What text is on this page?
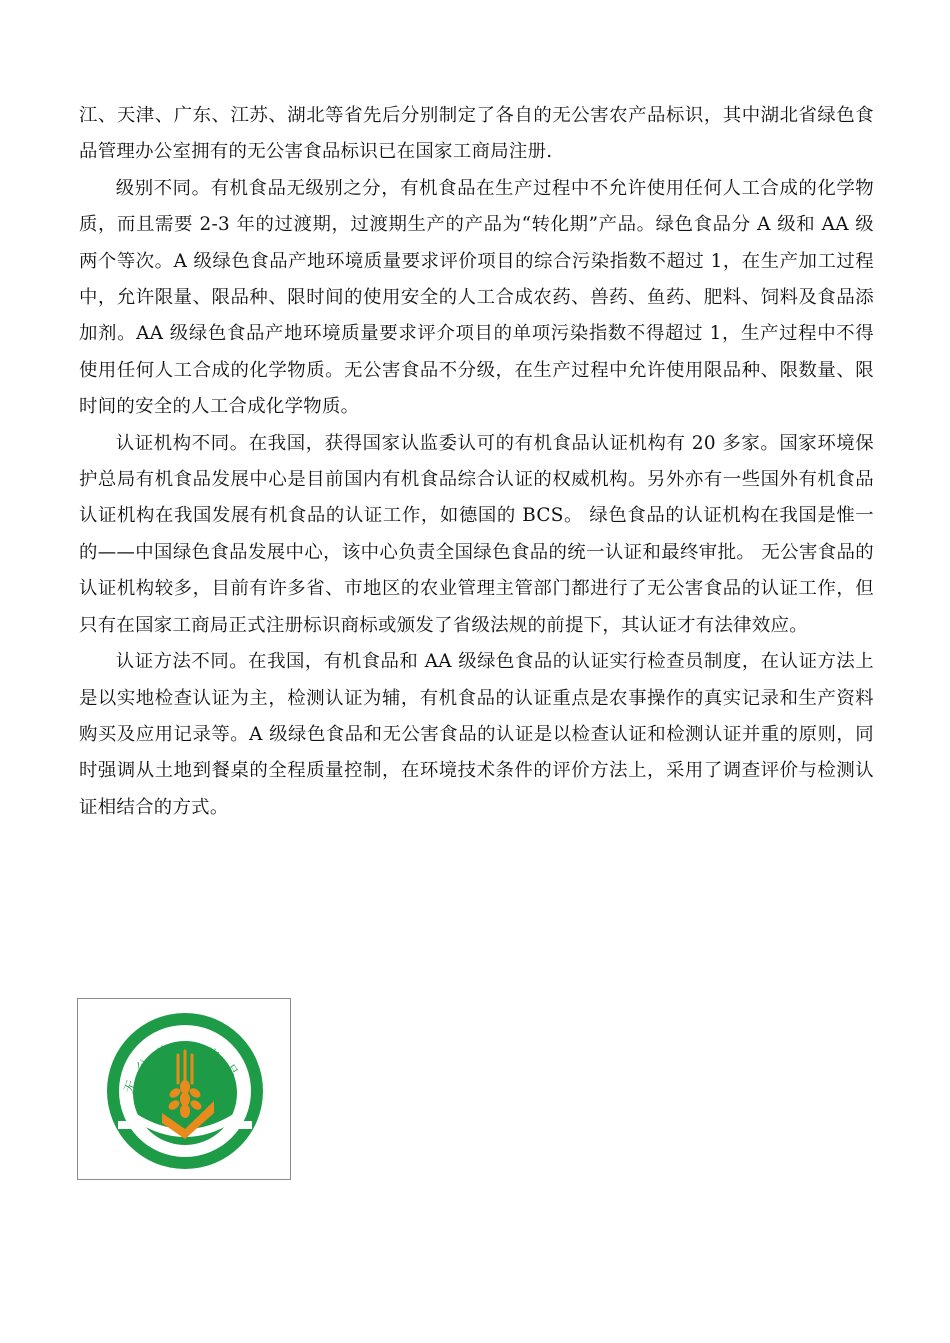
江、天津、广东、江苏、湖北等省先后分别制定了各自的无公害农产品标识，其中湖北省绿色食品管理办公室拥有的无公害食品标识已在国家工商局注册.

级别不同。有机食品无级别之分，有机食品在生产过程中不允许使用任何人工合成的化学物质，而且需要 2-3 年的过渡期，过渡期生产的产品为“转化期”产品。绿色食品分 A 级和 AA 级两个等次。A 级绿色食品产地环境质量要求评价项目的综合污染指数不超过 1，在生产加工过程中，允许限量、限品种、限时间的使用安全的人工合成农药、兽药、鱼药、肥料、饲料及食品添加剂。AA 级绿色食品产地环境质量要求评介项目的单项污染指数不得超过 1，生产过程中不得使用任何人工合成的化学物质。无公害食品不分级，在生产过程中允许使用限品种、限数量、限时间的安全的人工合成化学物质。

认证机构不同。在我国，获得国家认监委认可的有机食品认证机构有 20 多家。国家环境保护总局有机食品发展中心是目前国内有机食品综合认证的权威机构。另外亦有一些国外有机食品认证机构在我国发展有机食品的认证工作，如德国的 BCS。 绿色食品的认证机构在我国是惟一的——中国绿色食品发展中心，该中心负责全国绿色食品的统一认证和最终审批。 无公害食品的认证机构较多，目前有许多省、市地区的农业管理主管部门都进行了无公害食品的认证工作，但只有在国家工商局正式注册标识商标或颁发了省级法规的前提下，其认证才有法律效应。

认证方法不同。在我国，有机食品和 AA 级绿色食品的认证实行检查员制度，在认证方法上是以实地检查认证为主，检测认证为辅，有机食品的认证重点是农事操作的真实记录和生产资料购买及应用记录等。A 级绿色食品和无公害食品的认证是以检查认证和检测认证并重的原则，同时强调从土地到餐桌的全程质量控制，在环境技术条件的评价方法上，采用了调查评价与检测认证相结合的方式。

无公害农产品
